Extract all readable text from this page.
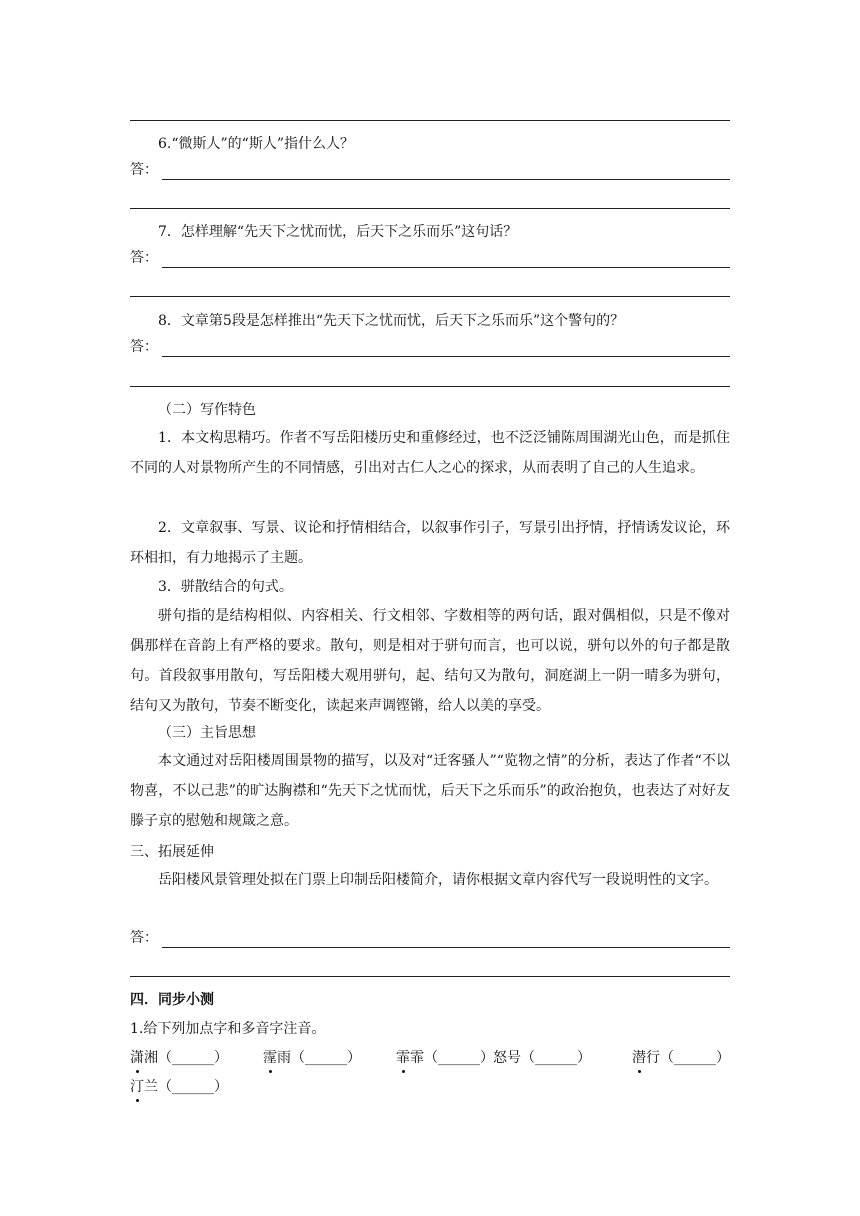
6.“微斯人”的“斯人”指什么人？
答：
7．怎样理解“先天下之忧而忧，后天下之乐而乐”这句话？
答：
8．文章第5段是怎样推出“先天下之忧而忧，后天下之乐而乐”这个警句的？
答：
（二）写作特色
1．本文构思精巧。作者不写岳阳楼历史和重修经过，也不泛泛铺陈周围湖光山色，而是抓住不同的人对景物所产生的不同情感，引出对古仁人之心的探求，从而表明了自己的人生追求。
2．文章叙事、写景、议论和抒情相结合，以叙事作引子，写景引出抒情，抒情诱发议论，环环相扣，有力地揭示了主题。
3．骈散结合的句式。
骈句指的是结构相似、内容相关、行文相邻、字数相等的两句话，跟对偶相似，只是不像对偶那样在音韵上有严格的要求。散句，则是相对于骈句而言，也可以说，骈句以外的句子都是散句。首段叙事用散句，写岳阳楼大观用骈句，起、结句又为散句，洞庭湖上一阴一晴多为骈句，结句又为散句，节奏不断变化，读起来声调铿锵，给人以美的享受。
（三）主旨思想
本文通过对岳阳楼周围景物的描写，以及对“迁客骚人”“览物之情”的分析，表达了作者“不以物喜，不以己悲”的旷达胸襟和“先天下之忧而忧，后天下之乐而乐”的政治抱负，也表达了对好友滕子京的慰勉和规箴之意。
三、拓展延伸
岳阳楼风景管理处拟在门票上印制岳阳楼简介，请你根据文章内容代写一段说明性的文字。
答：
四．同步小测
1.给下列加点字和多音字注音。
潇湘（______）	霪雨（______）	霏霏（______） 怒号（______）	潜行（______）
汀兰（______）
